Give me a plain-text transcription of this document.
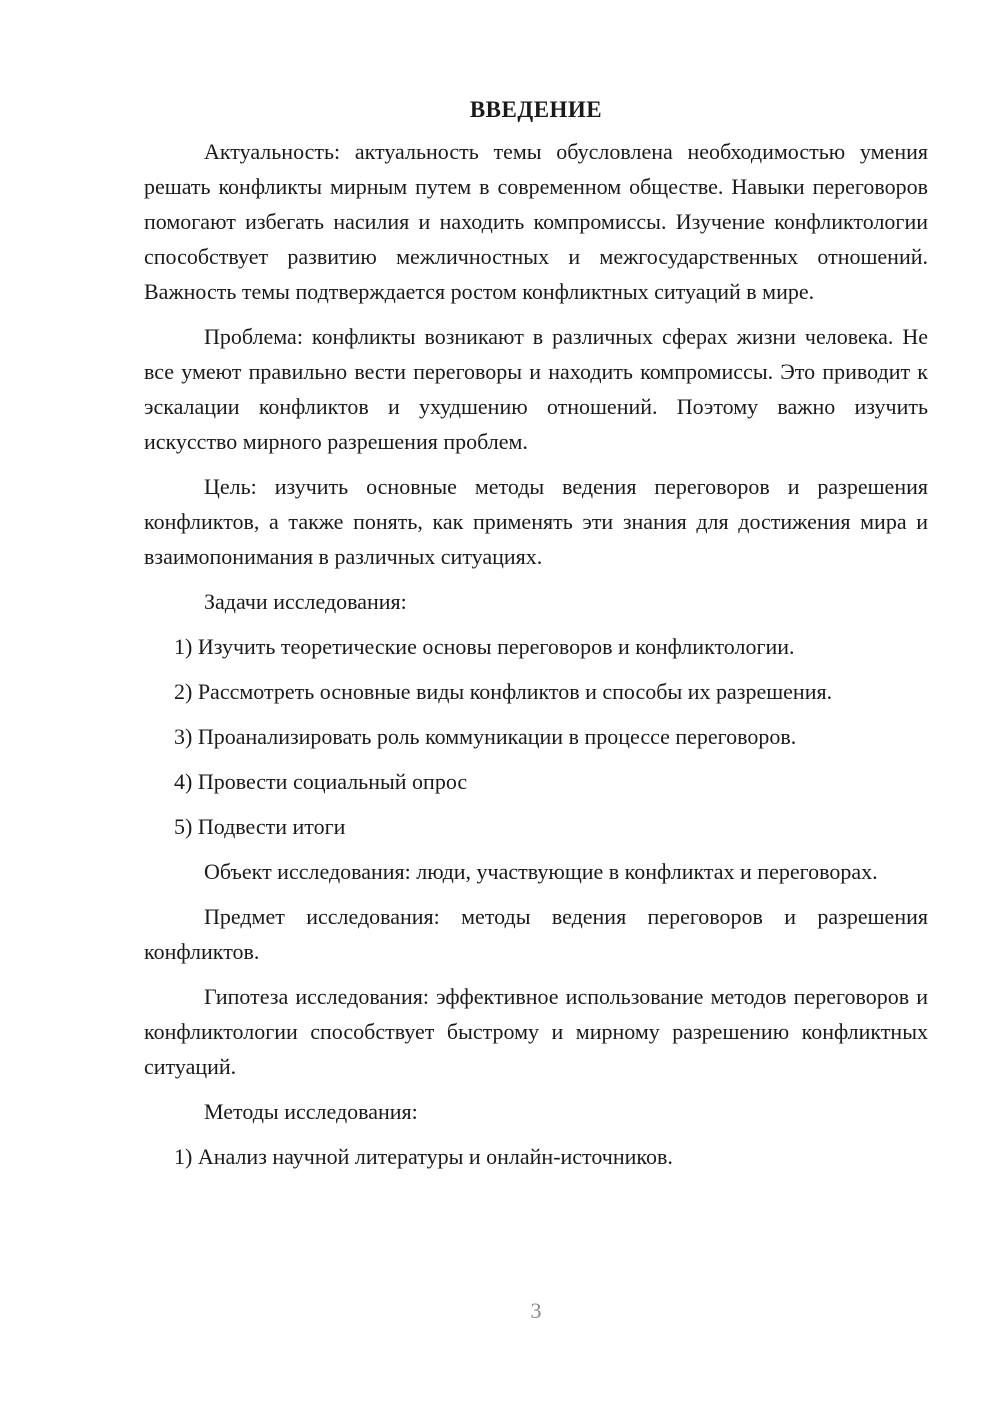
ВВЕДЕНИЕ

Актуальность: актуальность темы обусловлена необходимостью умения решать конфликты мирным путем в современном обществе. Навыки переговоров помогают избегать насилия и находить компромиссы. Изучение конфликтологии способствует развитию межличностных и межгосударственных отношений. Важность темы подтверждается ростом конфликтных ситуаций в мире.

Проблема: конфликты возникают в различных сферах жизни человека. Не все умеют правильно вести переговоры и находить компромиссы. Это приводит к эскалации конфликтов и ухудшению отношений. Поэтому важно изучить искусство мирного разрешения проблем.

Цель: изучить основные методы ведения переговоров и разрешения конфликтов, а также понять, как применять эти знания для достижения мира и взаимопонимания в различных ситуациях.

Задачи исследования:

1) Изучить теоретические основы переговоров и конфликтологии.

2) Рассмотреть основные виды конфликтов и способы их разрешения.

3) Проанализировать роль коммуникации в процессе переговоров.

4) Провести социальный опрос

5) Подвести итоги

Объект исследования: люди, участвующие в конфликтах и переговорах.

Предмет исследования: методы ведения переговоров и разрешения конфликтов.

Гипотеза исследования: эффективное использование методов переговоров и конфликтологии способствует быстрому и мирному разрешению конфликтных ситуаций.

Методы исследования:

1) Анализ научной литературы и онлайн-источников.

3
